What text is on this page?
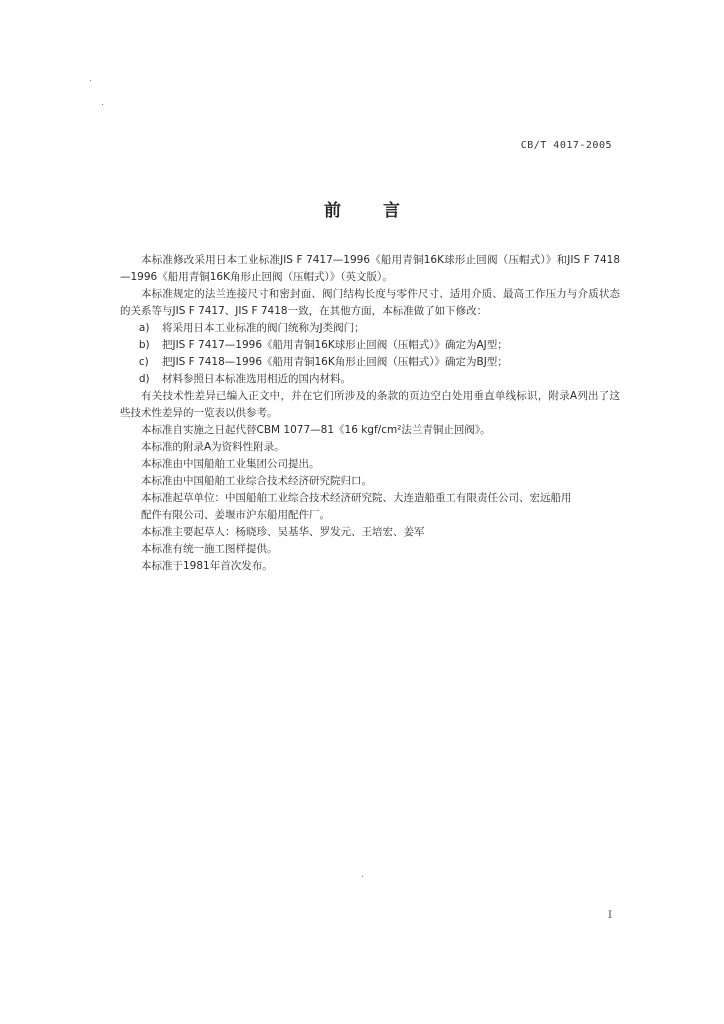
CB/T 4017-2005
前 言

本标准修改采用日本工业标准JIS F 7417—1996《船用青铜16K球形止回阀（压帽式）》和JIS F 7418—1996《船用青铜16K角形止回阀（压帽式）》（英文版）。

本标准规定的法兰连接尺寸和密封面、阀门结构长度与零件尺寸、适用介质、最高工作压力与介质状态的关系等与JIS F 7417、JIS F 7418一致，在其他方面，本标准做了如下修改：

a)	将采用日本工业标准的阀门统称为J类阀门；
b)	把JIS F 7417—1996《船用青铜16K球形止回阀（压帽式）》确定为AJ型；
c)	把JIS F 7418—1996《船用青铜16K角形止回阀（压帽式）》确定为BJ型；
d)	材料参照日本标准选用相近的国内材料。

有关技术性差异已编入正文中，并在它们所涉及的条款的页边空白处用垂直单线标识，附录A列出了这些技术性差异的一览表以供参考。

本标准自实施之日起代替CBM 1077—81《16 kgf/cm²法兰青铜止回阀》。

本标准的附录A为资料性附录。

本标准由中国船舶工业集团公司提出。

本标准由中国船舶工业综合技术经济研究院归口。

本标准起草单位：中国船舶工业综合技术经济研究院、大连造船重工有限责任公司、宏远船用

配件有限公司、姜堰市沪东船用配件厂。

本标准主要起草人：杨晓珍、吴基华、罗发元、王培宏、姜军

本标准有统一施工图样提供。

本标准于1981年首次发布。

I
